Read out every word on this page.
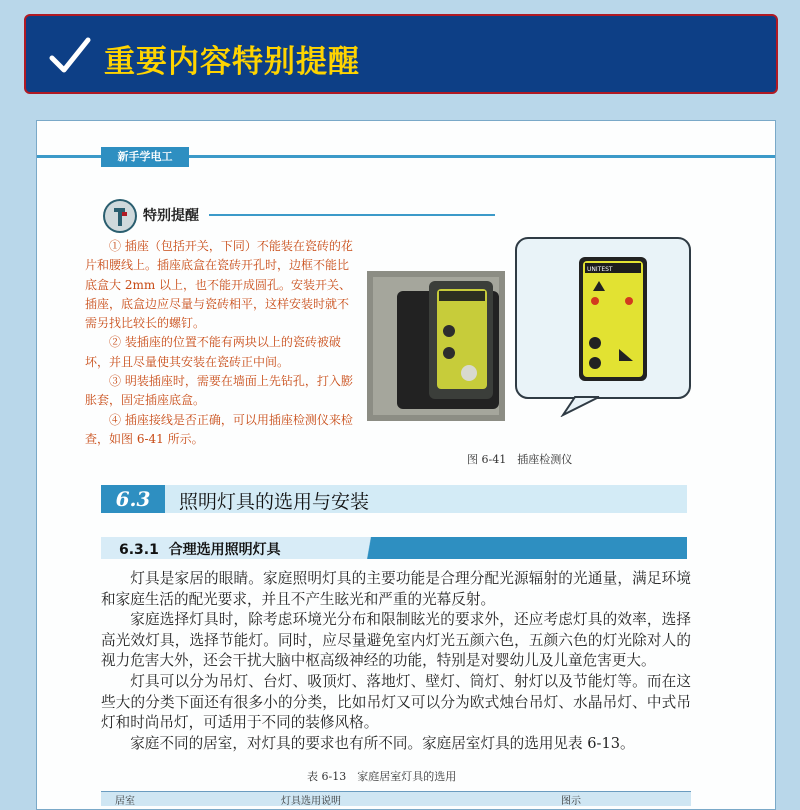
重要内容特别提醒
新手学电工
特别提醒

① 插座（包括开关，下同）不能装在瓷砖的花片和腰线上。插座底盒在瓷砖开孔时，边框不能比底盒大 2mm 以上，也不能开成圆孔。安装开关、插座，底盒边应尽量与瓷砖相平，这样安装时就不需另找比较长的螺钉。

② 装插座的位置不能有两块以上的瓷砖被破坏，并且尽量使其安装在瓷砖正中间。

③ 明装插座时，需要在墙面上先钻孔，打入膨胀套，固定插座底盒。

④ 插座接线是否正确，可以用插座检测仪来检查，如图 6-41 所示。

UNITEST
图 6-41　插座检测仪
6.3	照明灯具的选用与安装
6.3.1 合理选用照明灯具

灯具是家居的眼睛。家庭照明灯具的主要功能是合理分配光源辐射的光通量，满足环境和家庭生活的配光要求，并且不产生眩光和严重的光幕反射。

家庭选择灯具时，除考虑环境光分布和限制眩光的要求外，还应考虑灯具的效率，选择高光效灯具，选择节能灯。同时，应尽量避免室内灯光五颜六色，五颜六色的灯光除对人的视力危害大外，还会干扰大脑中枢高级神经的功能，特别是对婴幼儿及儿童危害更大。

灯具可以分为吊灯、台灯、吸顶灯、落地灯、壁灯、筒灯、射灯以及节能灯等。而在这些大的分类下面还有很多小的分类，比如吊灯又可以分为欧式烛台吊灯、水晶吊灯、中式吊灯和时尚吊灯，可适用于不同的装修风格。

家庭不同的居室，对灯具的要求也有所不同。家庭居室灯具的选用见表 6-13。

表 6-13　家庭居室灯具的选用
居室	灯具选用说明	图示
